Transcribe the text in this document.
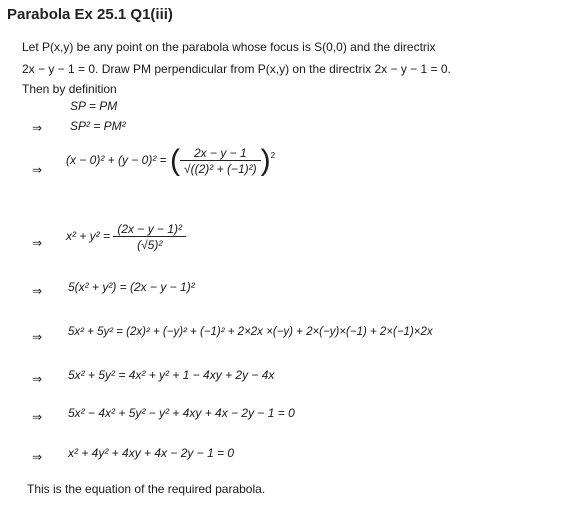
Parabola Ex 25.1 Q1(iii)
Let P(x,y) be any point on the parabola whose focus is S(0,0) and the directrix
2x − y − 1 = 0. Draw PM perpendicular from P(x,y) on the directrix 2x − y − 1 = 0.
Then by definition
SP = PM
⇒ SP² = PM²
⇒
(x − 0)² + (y − 0)² = ( $\frac{2x - y - 1}{\text{√((2)² + (−1)²)}} )^2$
⇒ $x^2 + y^2 = \frac{\text{(2x − y − 1)²}}{\text{(√5)²}}$
⇒ 5(x² + y²) = (2x − y − 1)²
⇒ 5x² + 5y² = (2x)² + (−y)² + (−1)² + 2×2x ×(−y) + 2×(−y)×(−1) + 2×(−1)×2x
⇒ 5x² + 5y² = 4x² + y² + 1 − 4xy + 2y − 4x
⇒ 5x² − 4x² + 5y² − y² + 4xy + 4x − 2y − 1 = 0
⇒ x² + 4y² + 4xy + 4x − 2y − 1 = 0
This is the equation of the required parabola.
